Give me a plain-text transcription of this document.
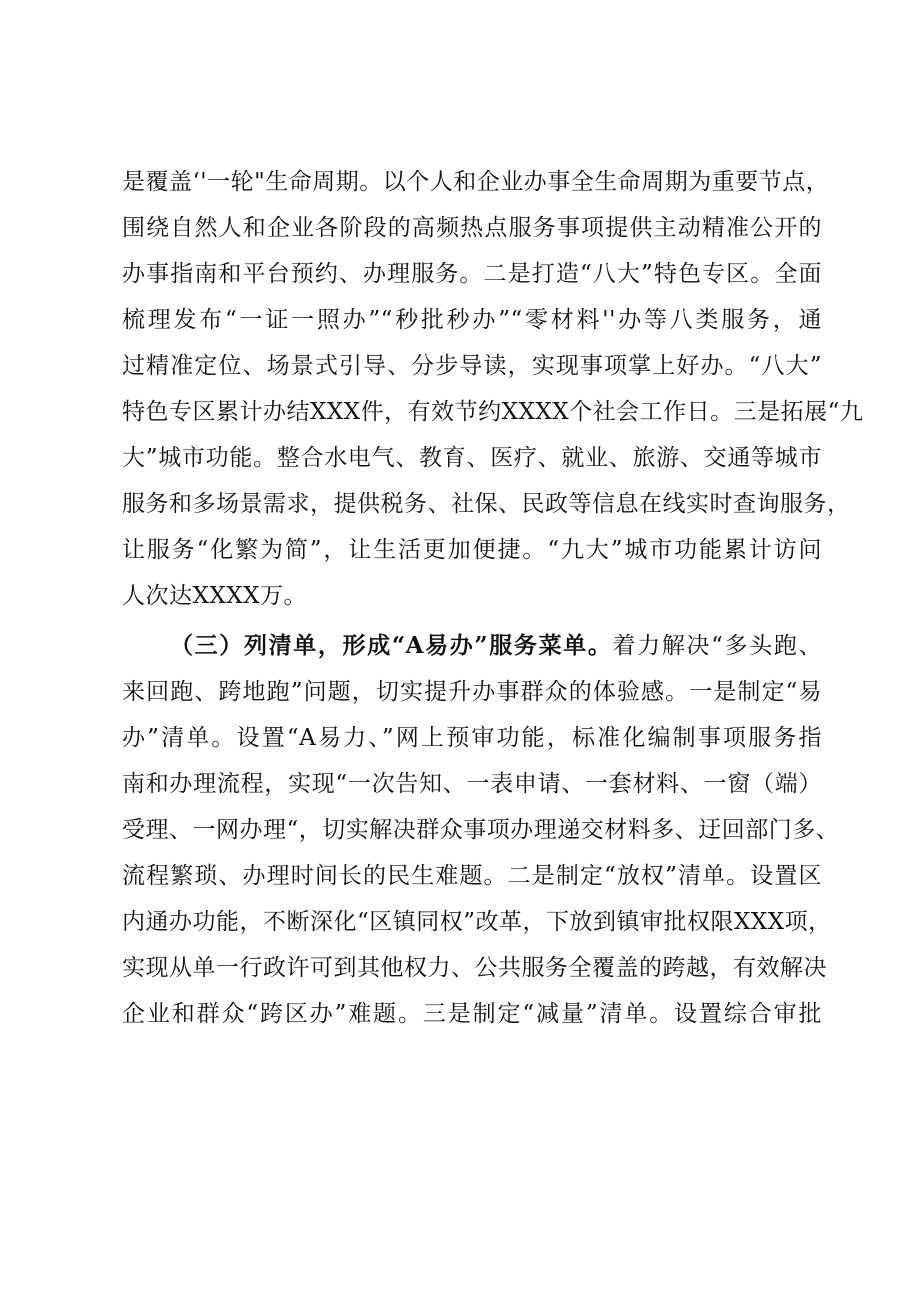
是覆盖‘'一轮"生命周期。以个人和企业办事全生命周期为重要节点，
围绕自然人和企业各阶段的高频热点服务事项提供主动精准公开的
办事指南和平台预约、办理服务。二是打造“八大”特色专区。全面
梳理发布“一证一照办”“秒批秒办”“零材料''办等八类服务，通
过精准定位、场景式引导、分步导读，实现事项掌上好办。“八大”
特色专区累计办结XXX件，有效节约XXXX个社会工作日。三是拓展“九
大”城市功能。整合水电气、教育、医疗、就业、旅游、交通等城市
服务和多场景需求，提供税务、社保、民政等信息在线实时查询服务，
让服务“化繁为简”，让生活更加便捷。“九大”城市功能累计访问
人次达XXXX万。
（三）列清单，形成“A易办”服务菜单。着力解决“多头跑、
来回跑、跨地跑”问题，切实提升办事群众的体验感。一是制定“易
办”清单。设置“A易力、”网上预审功能，标准化编制事项服务指
南和办理流程，实现“一次告知、一表申请、一套材料、一窗（端）
受理、一网办理“，切实解决群众事项办理递交材料多、迂回部门多、
流程繁琐、办理时间长的民生难题。二是制定“放权”清单。设置区
内通办功能，不断深化“区镇同权”改革，下放到镇审批权限XXX项，
实现从单一行政许可到其他权力、公共服务全覆盖的跨越，有效解决
企业和群众“跨区办”难题。三是制定“减量”清单。设置综合审批
